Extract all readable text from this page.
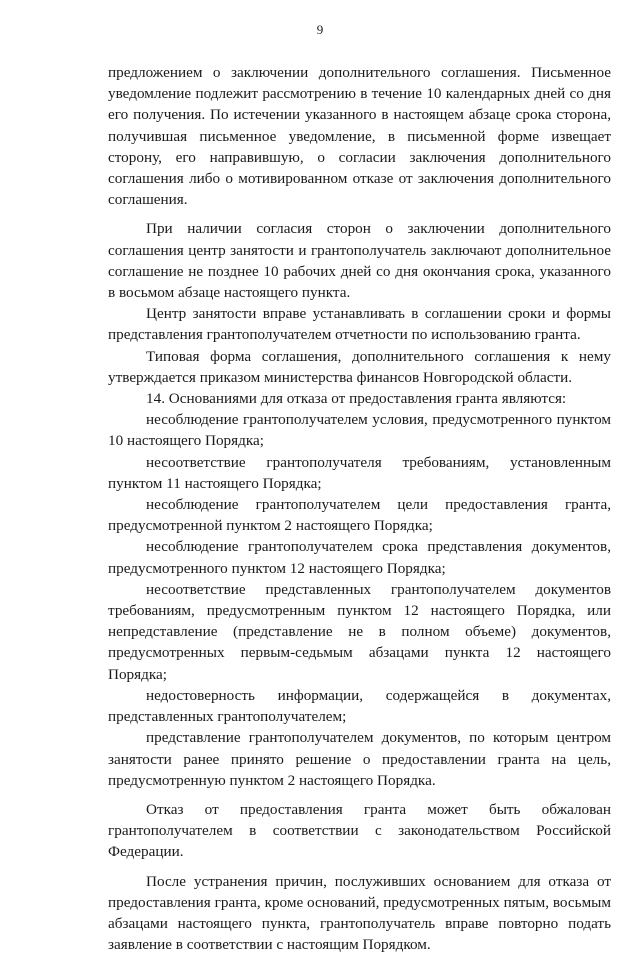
9

предложением о заключении дополнительного соглашения. Письменное уведомление подлежит рассмотрению в течение 10 календарных дней со дня его получения. По истечении указанного в настоящем абзаце срока сторона, получившая письменное уведомление, в письменной форме извещает сторону, его направившую, о согласии заключения дополнительного соглашения либо о мотивированном отказе от заключения дополнительного соглашения.

При наличии согласия сторон о заключении дополнительного соглашения центр занятости и грантополучатель заключают дополнительное соглашение не позднее 10 рабочих дней со дня окончания срока, указанного в восьмом абзаце настоящего пункта.

Центр занятости вправе устанавливать в соглашении сроки и формы представления грантополучателем отчетности по использованию гранта.

Типовая форма соглашения, дополнительного соглашения к нему утверждается приказом министерства финансов Новгородской области.

14. Основаниями для отказа от предоставления гранта являются:

несоблюдение грантополучателем условия, предусмотренного пунктом 10 настоящего Порядка;

несоответствие грантополучателя требованиям, установленным пунктом 11 настоящего Порядка;

несоблюдение грантополучателем цели предоставления гранта, предусмотренной пунктом 2 настоящего Порядка;

несоблюдение грантополучателем срока представления документов, предусмотренного пунктом 12 настоящего Порядка;

несоответствие представленных грантополучателем документов требованиям, предусмотренным пунктом 12 настоящего Порядка, или непредставление (представление не в полном объеме) документов, предусмотренных первым-седьмым абзацами пункта 12 настоящего Порядка;

недостоверность информации, содержащейся в документах, представленных грантополучателем;

представление грантополучателем документов, по которым центром занятости ранее принято решение о предоставлении гранта на цель, предусмотренную пунктом 2 настоящего Порядка.

Отказ от предоставления гранта может быть обжалован грантополучателем в соответствии с законодательством Российской Федерации.

После устранения причин, послуживших основанием для отказа от предоставления гранта, кроме оснований, предусмотренных пятым, восьмым абзацами настоящего пункта, грантополучатель вправе повторно подать заявление в соответствии с настоящим Порядком.
